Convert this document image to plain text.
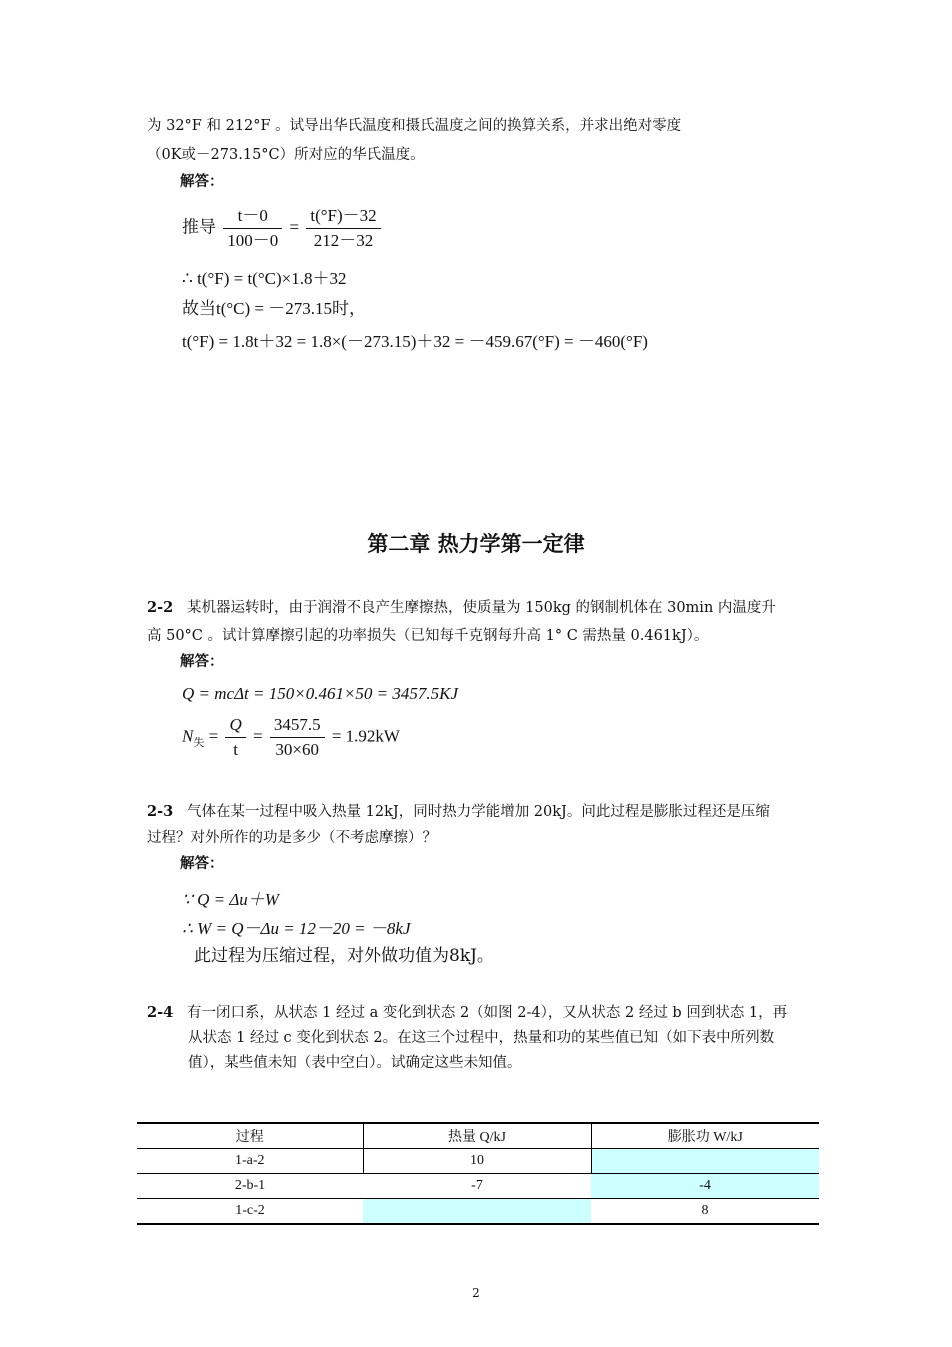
为 32°F 和 212°F 。试导出华氏温度和摄氏温度之间的换算关系，并求出绝对零度
（0K或－273.15°C）所对应的华氏温度。
解答：
推导 $\frac{t-0}{100-0} = \frac{t(^\circ F)-32}{212-32}$
∴ t(°F) = t(°C)×1.8＋32
故当t(°C) = －273.15时，
t(°F) = 1.8t＋32 = 1.8×(－273.15)＋32 = －459.67(°F) = －460(°F)
第二章 热力学第一定律
2-2 某机器运转时，由于润滑不良产生摩擦热，使质量为 150kg 的钢制机体在 30min 内温度升
高 50°C 。试计算摩擦引起的功率损失（已知每千克钢每升高 1° C 需热量 0.461kJ）。
解答：
Q = mcΔt = 150×0.461×50 = 3457.5KJ
$N_失 = \frac{Q}{t} = \frac{3457.5}{30\times 60} = 1.92kW$
2-3 气体在某一过程中吸入热量 12kJ，同时热力学能增加 20kJ。问此过程是膨胀过程还是压缩
过程？对外所作的功是多少（不考虑摩擦）？
解答：
∵ Q = Δu＋W
∴ W = Q－Δu = 12－20 = －8kJ
此过程为压缩过程，对外做功值为8kJ。
2-4 有一闭口系，从状态 1 经过 a 变化到状态 2（如图 2-4），又从状态 2 经过 b 回到状态 1，再
从状态 1 经过 c 变化到状态 2。在这三个过程中，热量和功的某些值已知（如下表中所列数
值），某些值未知（表中空白）。试确定这些未知值。
过程	热量 Q/kJ	膨胀功 W/kJ
1-a-2	10	
2-b-1	-7	-4
1-c-2		8
2
